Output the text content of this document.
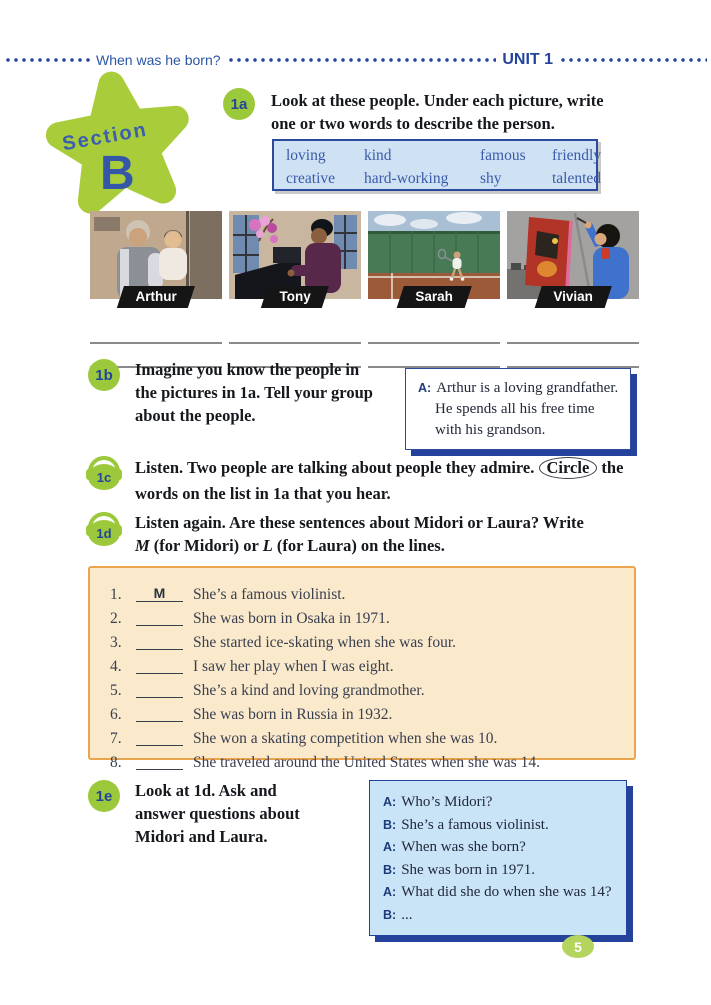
When was he born?	UNIT 1
Section
B
1a	Look at these people. Under each picture, write
one or two words to describe the person.
loving	kind	famous	friendly
creative	hard-working	shy	talented
Arthur	Tony	Sarah	Vivian
1b	Imagine you know the people in
the pictures in 1a. Tell your group
about the people.
A: Arthur is a loving grandfather.
He spends all his free time
with his grandson.
1c
Listen. Two people are talking about people they admire. Circle the
words on the list in 1a that you hear.
1d
Listen again. Are these sentences about Midori or Laura? Write
M (for Midori) or L (for Laura) on the lines.
1.	M	She’s a famous violinist.
2.	She was born in Osaka in 1971.
3.	She started ice-skating when she was four.
4.	I saw her play when I was eight.
5.	She’s a kind and loving grandmother.
6.	She was born in Russia in 1932.
7.	She won a skating competition when she was 10.
8.	She traveled around the United States when she was 14.
1e	Look at 1d. Ask and
answer questions about
Midori and Laura.
A: Who’s Midori?
B: She’s a famous violinist.
A: When was she born?
B: She was born in 1971.
A: What did she do when she was 14?
B: ...
5
